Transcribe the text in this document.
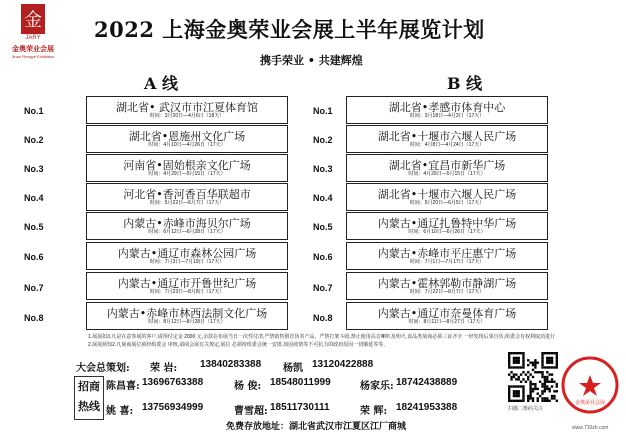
金
JARY
金奥荣业会展
Jinao Rongye Exhibition
2022 上海金奥荣业会展上半年展览计划
携手荣业 • 共建辉煌
A 线	B 线
No.1	湖北省• 武汉市市江夏体育馆
时间：3月20日—4月6日（18天）
No.2	湖北省•恩施州文化广场
时间：4月10日—4月26日（17天）
No.3	河南省•固始根亲文化广场
时间：4月29日—5月15日（17天）
No.4	河北省•香河香百华联超市
时间：5月22日—6月7日（17天）
No.5	内蒙古•赤峰市海贝尔广场
时间：6月12日—6月28日（17天）
No.6	内蒙古•通辽市森林公园广场
时间：7月3日—7月19日（17天）
No.7	内蒙古•通辽市开鲁世纪广场
时间：7月23日—8月8日（17天）
No.8	内蒙古•赤峰市林西法制文化广场
时间：8月12日—8月28日（17天）
No.1	湖北省•孝感市体育中心
时间：3月18日—4月3日（17天）
No.2	湖北省•十堰市六堰人民广场
时间：4月8日—4月24日（17天）
No.3	湖北省•宜昌市新华广场
时间：4月29日—5月15日（17天）
No.4	湖北省•十堰市六堰人民广场
时间：5月20日—6月5日（17天）
No.5	内蒙古•通辽扎鲁特中华广场
时间：6月10日—6月26日（17天）
No.6	内蒙古•赤峰市平庄惠宁广场
时间：7月1日—7月17日（17天）
No.7	内蒙古•霍林郭勒市静湖广场
时间：7月22日—8月7日（17天）
No.8	内蒙古•通辽市奈曼体育广场
时间：8月11日—8月27日（17天）
1.展展如3.凡是在意参展的客户,请预付定金 2000 元,余款在布展当日一次性付清,严禁销售假冒伪劣产品，严禁打架斗殴,禁止使用高音喇叭及明火,食品类展商必须三证齐全 一经发现后果自负,组委会有权利取消进行
2.展展须知2.凡展商展位须经组委会 审核,请阅会展有关规定,展位 必须按组委会统一安排,如因疫情等不可抗力的政府原因一切顺延等等。
大会总策划: 荣 岩: 13840283388 杨凯 13120422888
招商热线
陈昌喜: 13696763388	杨 俊: 18548011999	杨家乐: 18742438889
姚 喜: 13756934999	曹雪超: 18511730111	荣 辉: 18241953388
免费存放地址：湖北省武汉市江夏区江厂商城
扫描二维码关注
金奥荣业会展
www.710zh.com
